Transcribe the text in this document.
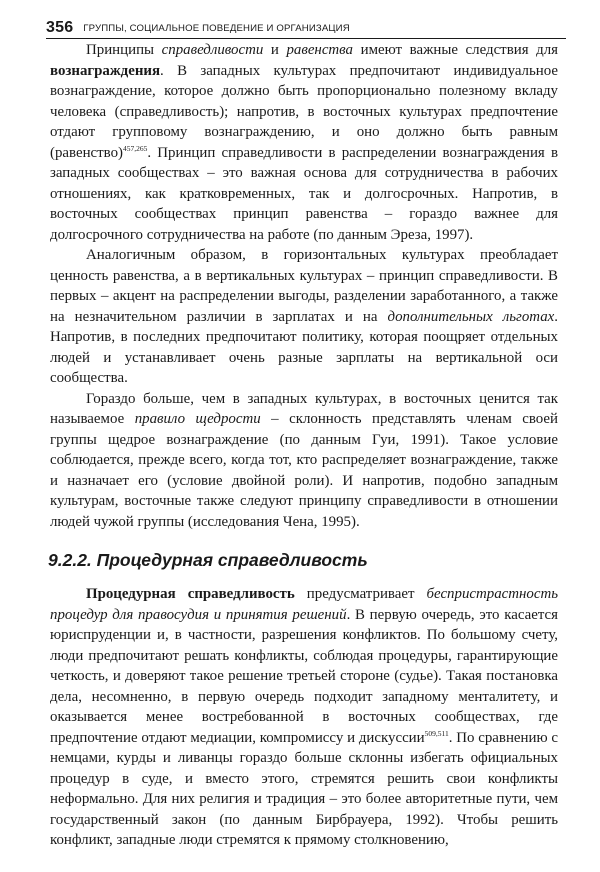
356 ГРУППЫ, СОЦИАЛЬНОЕ ПОВЕДЕНИЕ И ОРГАНИЗАЦИЯ

Принципы справедливости и равенства имеют важные следствия для вознаграждения. В западных культурах предпочитают индивидуальное вознаграждение, которое должно быть пропорционально полезному вкладу человека (справедливость); напротив, в восточных культурах предпочтение отдают групповому вознаграждению, и оно должно быть равным (равенство)$^{457,265}$. Принцип справедливости в распределении вознаграждения в западных сообществах – это важная основа для сотрудничества в рабочих отношениях, как кратковременных, так и долгосрочных. Напротив, в восточных сообществах принцип равенства – гораздо важнее для долгосрочного сотрудничества на работе (по данным Эреза, 1997).

Аналогичным образом, в горизонтальных культурах преобладает ценность равенства, а в вертикальных культурах – принцип справедливости. В первых – акцент на распределении выгоды, разделении заработанного, а также на незначительном различии в зарплатах и на дополнительных льготах. Напротив, в последних предпочитают политику, которая поощряет отдельных людей и устанавливает очень разные зарплаты на вертикальной оси сообщества.

Гораздо больше, чем в западных культурах, в восточных ценится так называемое правило щедрости – склонность представлять членам своей группы щедрое вознаграждение (по данным Гуи, 1991). Такое условие соблюдается, прежде всего, когда тот, кто распределяет вознаграждение, также и назначает его (условие двойной роли). И напротив, подобно западным культурам, восточные также следуют принципу справедливости в отношении людей чужой группы (исследования Чена, 1995).

9.2.2. Процедурная справедливость

Процедурная справедливость предусматривает беспристрастность процедур для правосудия и принятия решений. В первую очередь, это касается юриспруденции и, в частности, разрешения конфликтов. По большому счету, люди предпочитают решать конфликты, соблюдая процедуры, гарантирующие четкость, и доверяют такое решение третьей стороне (судье). Такая постановка дела, несомненно, в первую очередь подходит западному менталитету, и оказывается менее востребованной в восточных сообществах, где предпочтение отдают медиации, компромиссу и дискуссии$^{509,511}$. По сравнению с немцами, курды и ливанцы гораздо больше склонны избегать официальных процедур в суде, и вместо этого, стремятся решить свои конфликты неформально. Для них религия и традиция – это более авторитетные пути, чем государственный закон (по данным Бирбрауера, 1992). Чтобы решить конфликт, западные люди стремятся к прямому столкновению,
